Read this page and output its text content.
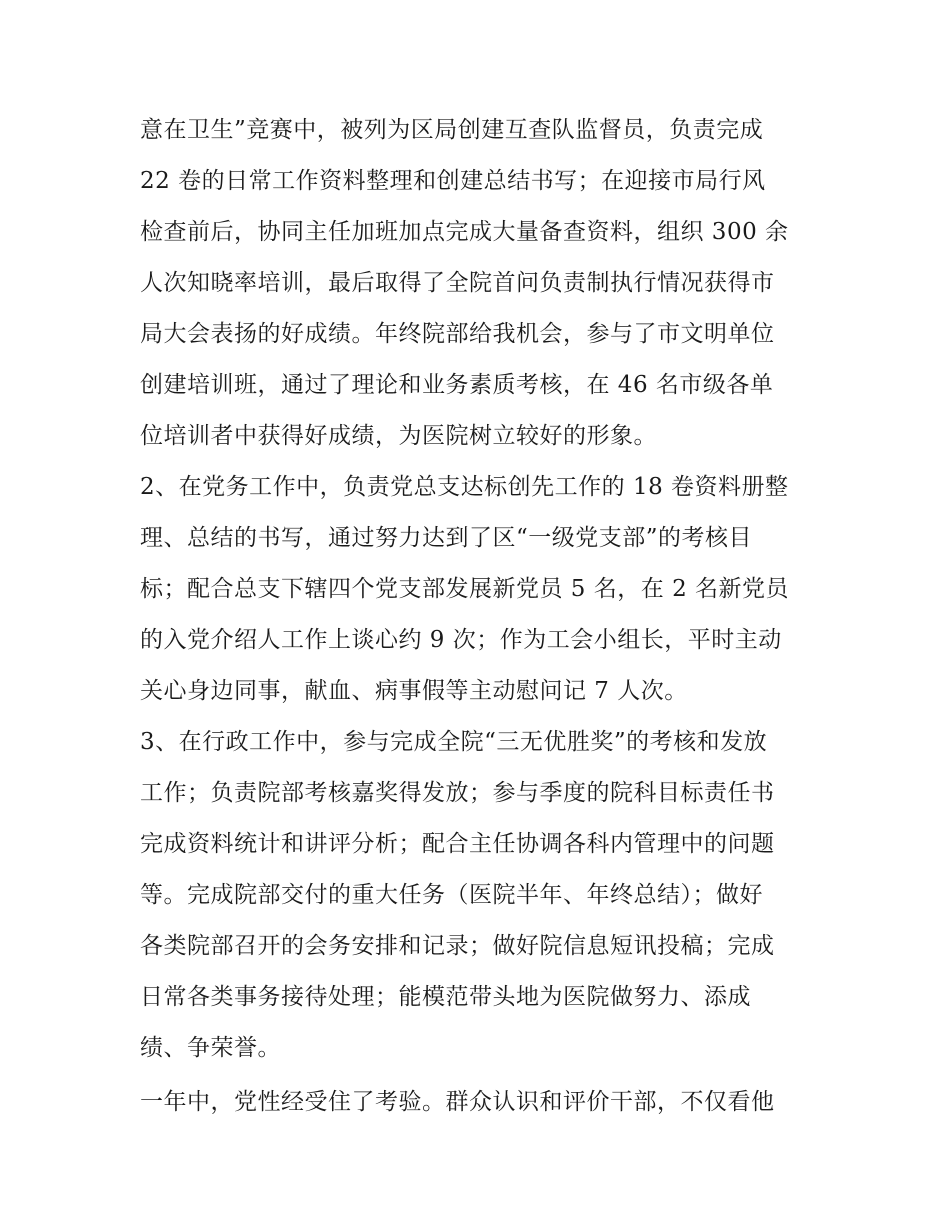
意在卫生”竞赛中，被列为区局创建互查队监督员，负责完成
22 卷的日常工作资料整理和创建总结书写；在迎接市局行风
检查前后，协同主任加班加点完成大量备查资料，组织 300 余
人次知晓率培训，最后取得了全院首问负责制执行情况获得市
局大会表扬的好成绩。年终院部给我机会，参与了市文明单位
创建培训班，通过了理论和业务素质考核，在 46 名市级各单
位培训者中获得好成绩，为医院树立较好的形象。
2、在党务工作中，负责党总支达标创先工作的 18 卷资料册整
理、总结的书写，通过努力达到了区“一级党支部”的考核目
标；配合总支下辖四个党支部发展新党员 5 名，在 2 名新党员
的入党介绍人工作上谈心约 9 次；作为工会小组长，平时主动
关心身边同事，献血、病事假等主动慰问记 7 人次。
3、在行政工作中，参与完成全院“三无优胜奖”的考核和发放
工作；负责院部考核嘉奖得发放；参与季度的院科目标责任书
完成资料统计和讲评分析；配合主任协调各科内管理中的问题
等。完成院部交付的重大任务（医院半年、年终总结）；做好
各类院部召开的会务安排和记录；做好院信息短讯投稿；完成
日常各类事务接待处理；能模范带头地为医院做努力、添成
绩、争荣誉。
一年中，党性经受住了考验。群众认识和评价干部，不仅看他
